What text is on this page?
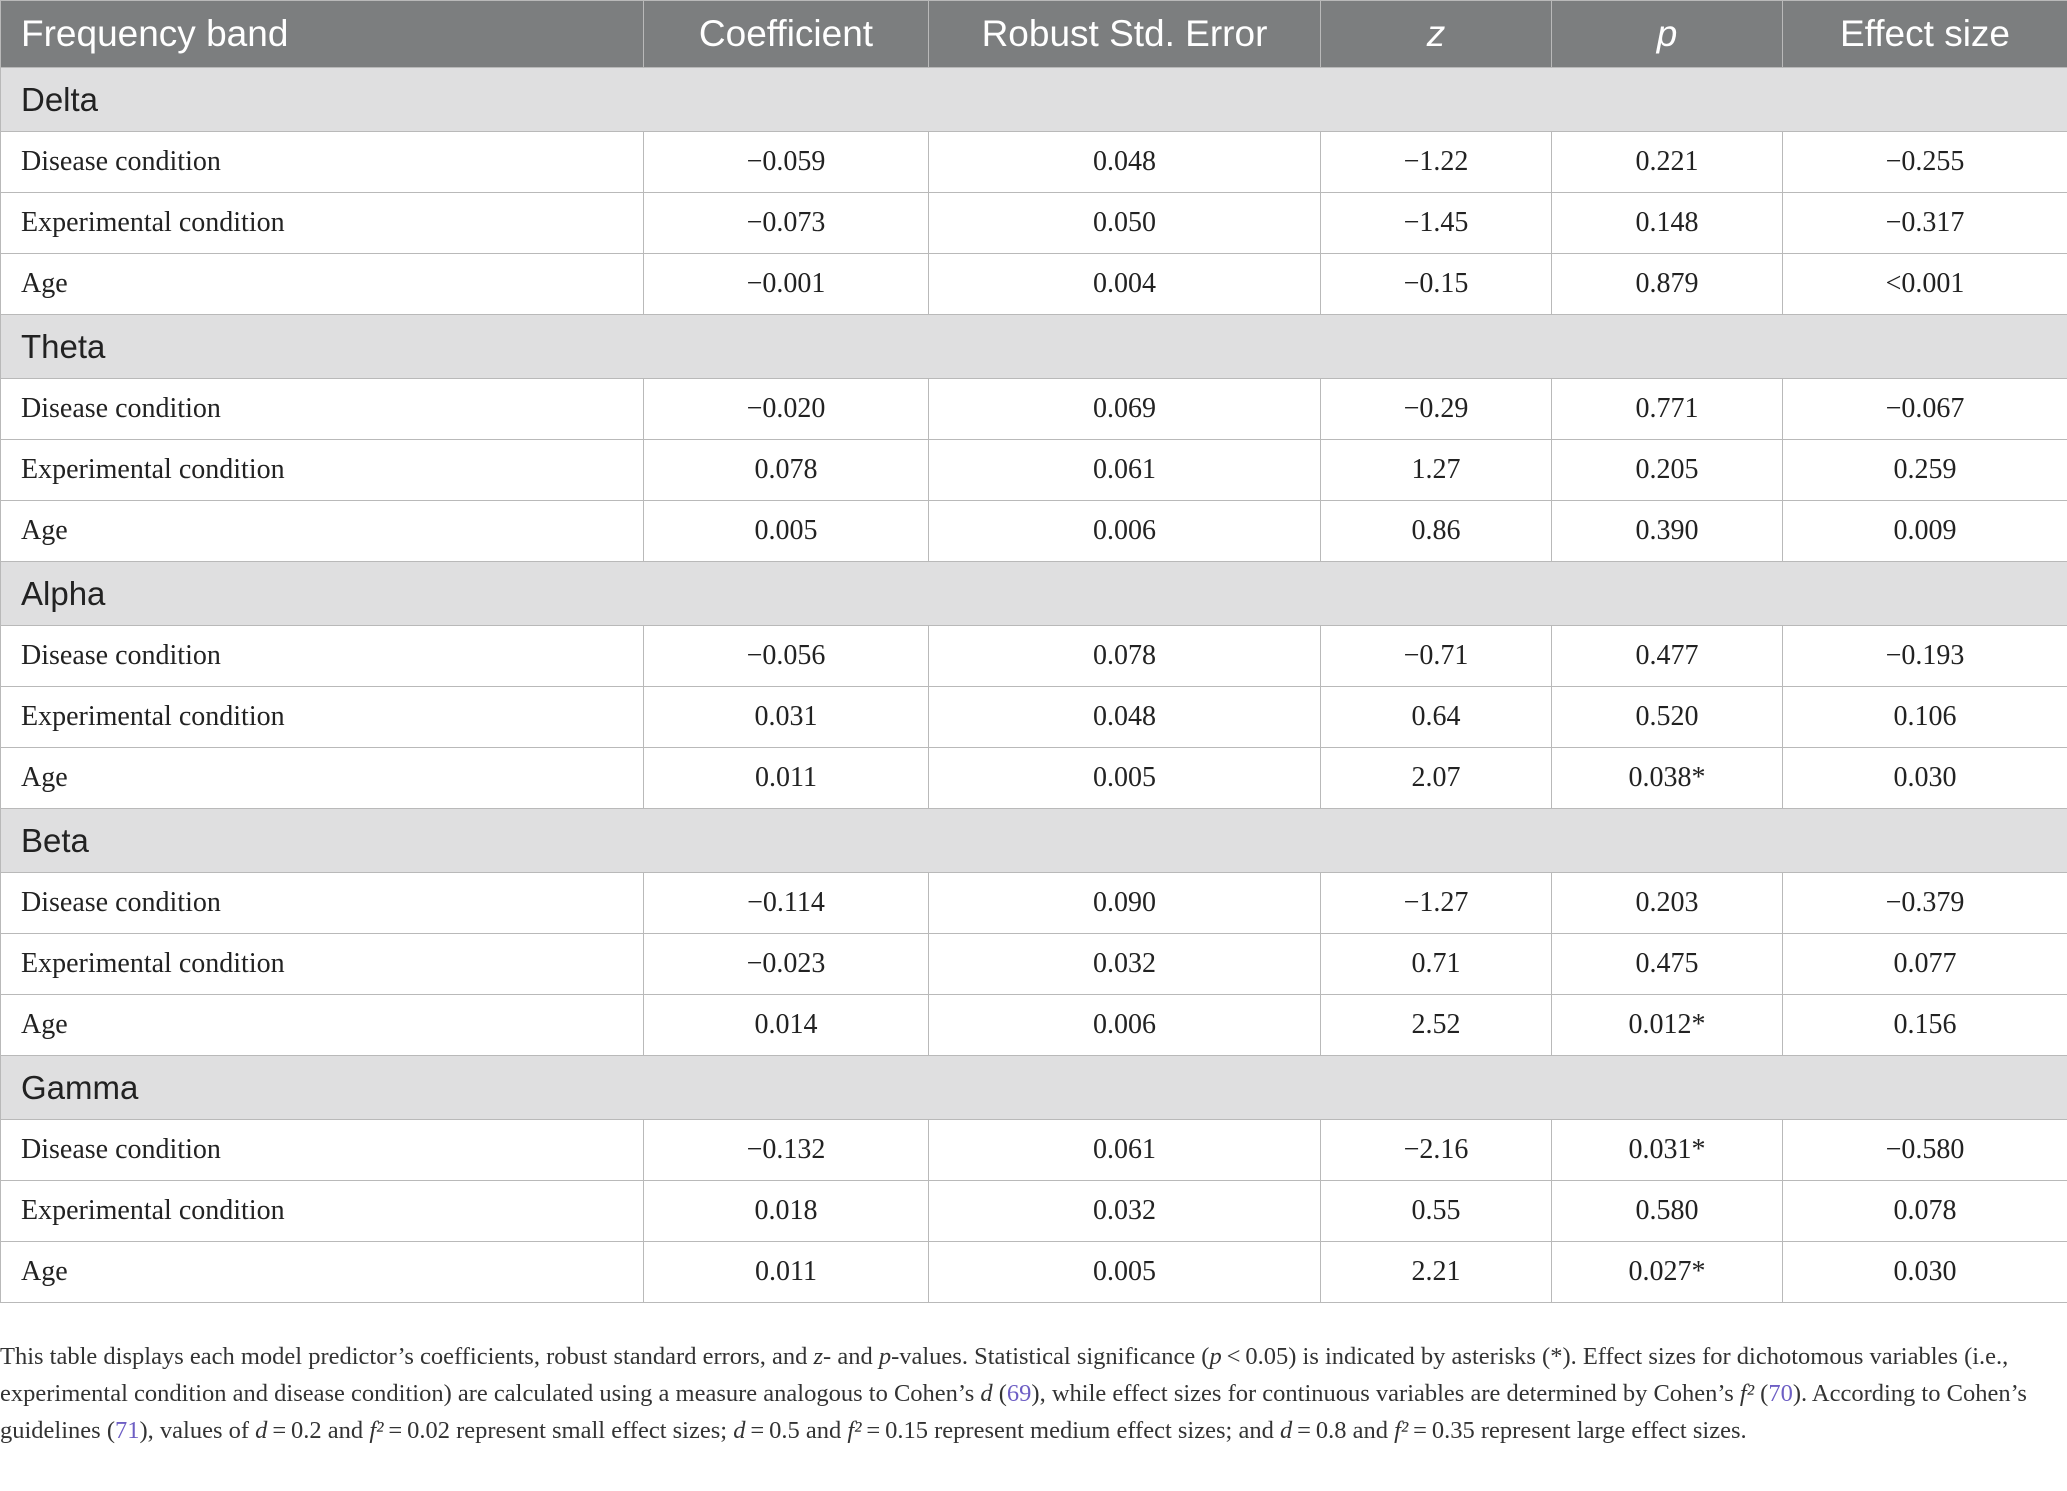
Frequency band	Coefficient	Robust Std. Error	z	p	Effect size
Delta					
Disease condition	−0.059	0.048	−1.22	0.221	−0.255
Experimental condition	−0.073	0.050	−1.45	0.148	−0.317
Age	−0.001	0.004	−0.15	0.879	<0.001
Theta					
Disease condition	−0.020	0.069	−0.29	0.771	−0.067
Experimental condition	0.078	0.061	1.27	0.205	0.259
Age	0.005	0.006	0.86	0.390	0.009
Alpha					
Disease condition	−0.056	0.078	−0.71	0.477	−0.193
Experimental condition	0.031	0.048	0.64	0.520	0.106
Age	0.011	0.005	2.07	0.038*	0.030
Beta					
Disease condition	−0.114	0.090	−1.27	0.203	−0.379
Experimental condition	−0.023	0.032	0.71	0.475	0.077
Age	0.014	0.006	2.52	0.012*	0.156
Gamma					
Disease condition	−0.132	0.061	−2.16	0.031*	−0.580
Experimental condition	0.018	0.032	0.55	0.580	0.078
Age	0.011	0.005	2.21	0.027*	0.030
This table displays each model predictor’s coefficients, robust standard errors, and z- and p-values. Statistical significance (p < 0.05) is indicated by asterisks (*). Effect sizes for dichotomous variables (i.e., experimental condition and disease condition) are calculated using a measure analogous to Cohen’s d (69), while effect sizes for continuous variables are determined by Cohen’s f² (70). According to Cohen’s guidelines (71), values of d = 0.2 and f² = 0.02 represent small effect sizes; d = 0.5 and f² = 0.15 represent medium effect sizes; and d = 0.8 and f² = 0.35 represent large effect sizes.
